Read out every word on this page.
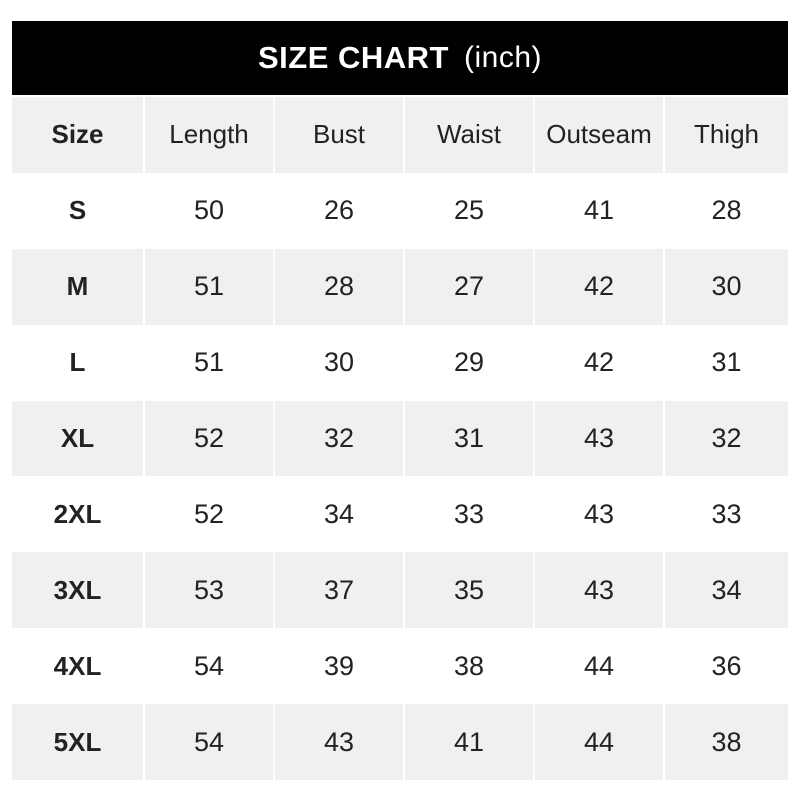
SIZE CHART (inch)
Size	Length	Bust	Waist	Outseam	Thigh
S	50	26	25	41	28
M	51	28	27	42	30
L	51	30	29	42	31
XL	52	32	31	43	32
2XL	52	34	33	43	33
3XL	53	37	35	43	34
4XL	54	39	38	44	36
5XL	54	43	41	44	38
